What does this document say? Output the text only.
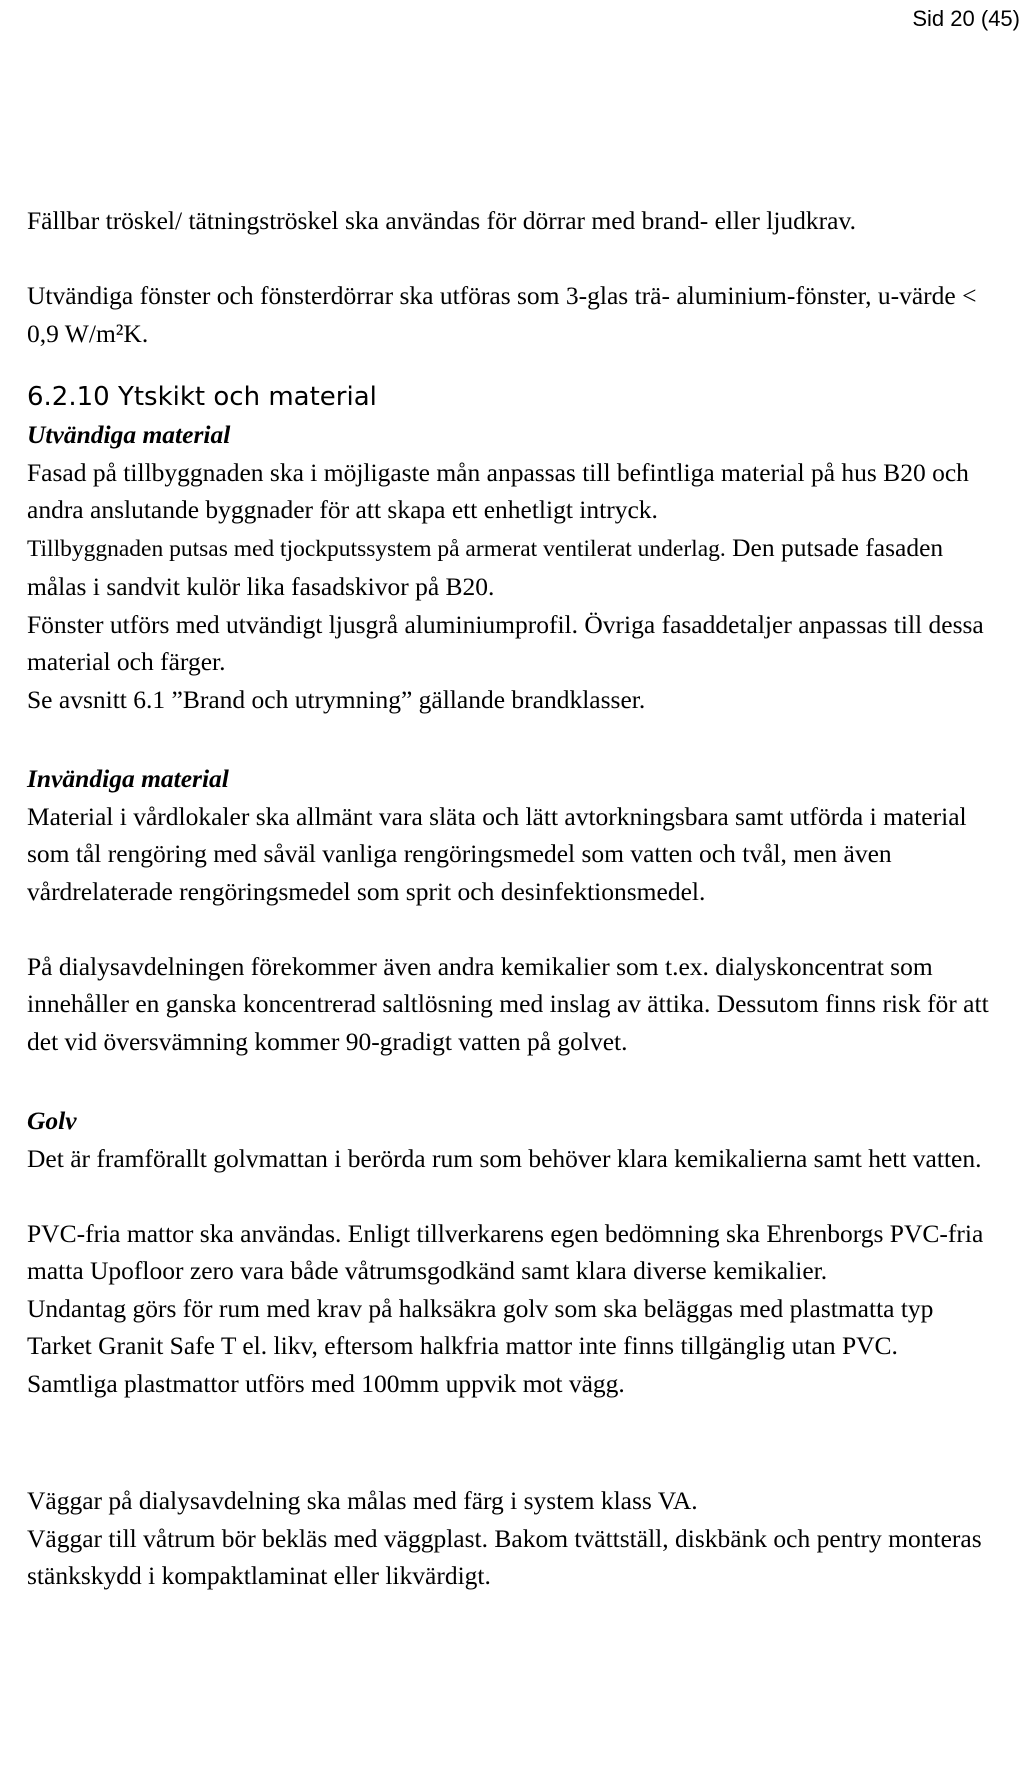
Sid 20 (45)

Fällbar tröskel/ tätningströskel ska användas för dörrar med brand- eller ljudkrav.

Utvändiga fönster och fönsterdörrar ska utföras som 3-glas trä- aluminium-fönster, u-värde < 0,9 W/m²K.

6.2.10 Ytskikt och material
Utvändiga material

Fasad på tillbyggnaden ska i möjligaste mån anpassas till befintliga material på hus B20 och andra anslutande byggnader för att skapa ett enhetligt intryck.

Tillbyggnaden putsas med tjockputssystem på armerat ventilerat underlag. Den putsade fasaden målas i sandvit kulör lika fasadskivor på B20.

Fönster utförs med utvändigt ljusgrå aluminiumprofil. Övriga fasaddetaljer anpassas till dessa material och färger.

Se avsnitt 6.1 ”Brand och utrymning” gällande brandklasser.

Invändiga material

Material i vårdlokaler ska allmänt vara släta och lätt avtorkningsbara samt utförda i material som tål rengöring med såväl vanliga rengöringsmedel som vatten och tvål, men även vårdrelaterade rengöringsmedel som sprit och desinfektionsmedel.

På dialysavdelningen förekommer även andra kemikalier som t.ex. dialyskoncentrat som innehåller en ganska koncentrerad saltlösning med inslag av ättika. Dessutom finns risk för att det vid översvämning kommer 90-gradigt vatten på golvet.

Golv

Det är framförallt golvmattan i berörda rum som behöver klara kemikalierna samt hett vatten.

PVC-fria mattor ska användas. Enligt tillverkarens egen bedömning ska Ehrenborgs PVC-fria matta Upofloor zero vara både våtrumsgodkänd samt klara diverse kemikalier.

Undantag görs för rum med krav på halksäkra golv som ska beläggas med plastmatta typ Tarket Granit Safe T el. likv, eftersom halkfria mattor inte finns tillgänglig utan PVC.

Samtliga plastmattor utförs med 100mm uppvik mot vägg.

Väggar på dialysavdelning ska målas med färg i system klass VA.

Väggar till våtrum bör bekläs med väggplast. Bakom tvättställ, diskbänk och pentry monteras stänkskydd i kompaktlaminat eller likvärdigt.
